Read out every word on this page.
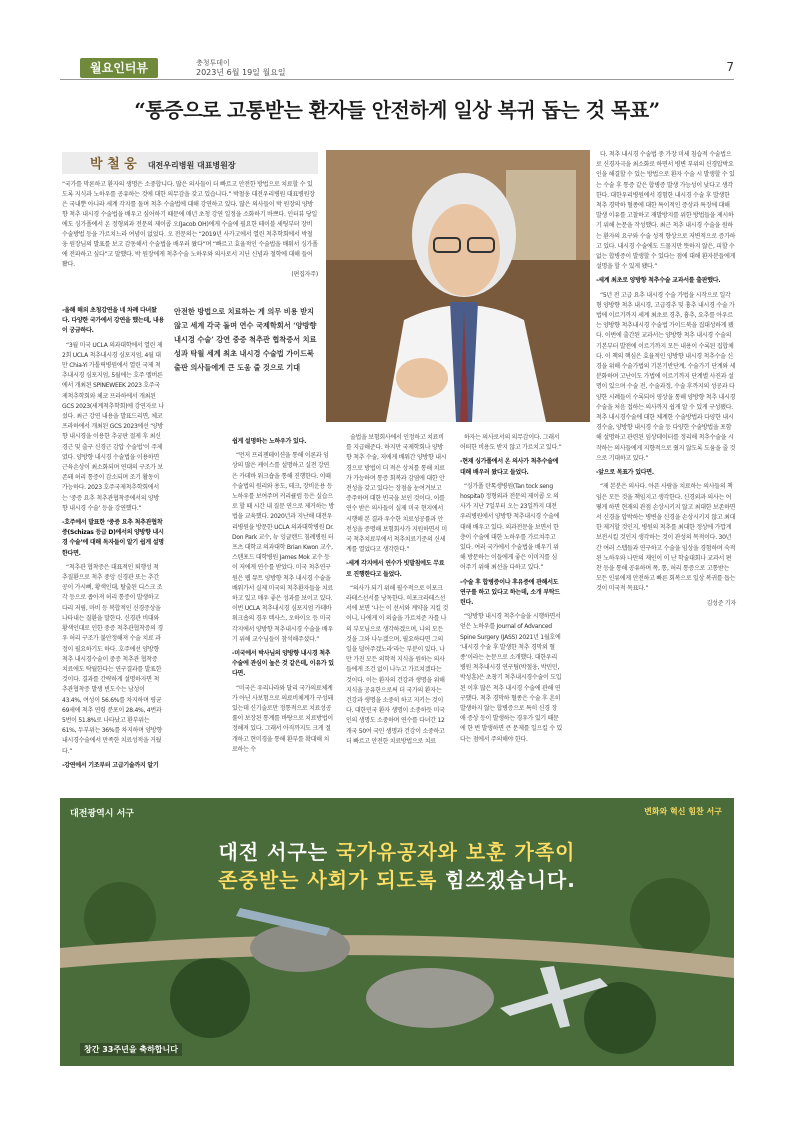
월요인터뷰	충청투데이
2023년 6월 19일 월요일	7
“통증으로 고통받는 환자들 안전하게 일상 복귀 돕는 것 목표”
박 철 웅 대전우리병원 대표병원장
“국가를 막론하고 환자의 생명은 소중합니다. 많은 의사들이 더 빠르고 안전한 방법으로 치료할 수 있도록 지식과 노하우를 공유하는 것에 대한 의무감을 갖고 있습니다.” 박철웅 대전우리병원 대표병원장은 국내뿐 아니라 세계 각지를 돌며 척추 수술법에 대해 강연하고 있다. 많은 의사들이 박 원장의 양방향 척추 내시경 수술법을 배우고 싶어하기 때문에 매년 초청 강연 일정을 소화하기 바쁘다. 인터뷰 당일에도 싱가폴에서 온 정형외과 전문의 제이콥 오(Jacob OH)에게 수술에 필요한 테이블 세팅부터 장비 수술방법 등을 가르치느라 여념이 없었다. 오 전문의는 “2019년 사카고에서 열린 척추학회에서 박철웅 원장님의 발표를 보고 감동해서 수술법을 배우러 왔다”며 “빠르고 효율적인 수술법을 배워서 싱가폴에 전파하고 싶다”고 말했다. 박 원장에게 척추수술 노하우와 의사로서 지닌 신념과 철학에 대해 들어봤다.
(편집자주)

-올해 해외 초청강연을 네 차례 다녀왔다. 다양한 국가에서 강연을 했는데, 내용이 궁금하다.

“3월 미국 UCLA 의과대학에서 열린 제2회 UCLA 척추내시경 심포지엄, 4월 대만 Chia-Yi 가톨릭병원에서 열린 국제 척추내시경 심포지엄, 5월에는 호주 멜버른에서 개최된 SPINEWEEK 2023 호주국제척추학회와 체코 프라하에서 개최된 GCS 2023(세계척추학회)에 강연자로 나섰다. 최근 강연 내용을 발표드리면, 체코 프라하에서 개최된 GCS 2023에선 ‘양방향 내시경을 이용한 추궁판 절제 후 최신경근 및 출구 신경근 감압 수술법’이 주제였다. 양방향 내시경 수술법을 이용하면 근육손상이 최소화되며 연대의 구조가 보존돼 허리 통증이 감소되며 조기 활동이 가능하다. 2023 호주국제척추학회에서는 ‘중증 요추 척추관협착증에서의 양방향 내시경 수술’ 등을 강연했다.”

-호주에서 발표한 ‘중증 요추 척추관협착증(Schizas 등급 D)에서의 양방향 내시경 수술’에 대해 독자들이 알기 쉽게 설명한다면.

“척추관 협착증은 대표적인 퇴행성 척추질환으로 척추 중앙 신경관 또는 추간공이 가시뼈, 황색인대, 탈출된 디스크 조각 등으로 좁아져 허리 통증이 발생하고 다리 저림, 마비 등 복합적인 신경증상을 나타내는 질환을 말한다. 신경관 비대와 황색인대로 인한 중증 척추관협착증의 경우 허리 구조가 불안정해져 수술 치료 과정이 필요하기도 하다. 호주에선 양방향 척추 내시경수술이 중증 척추관 협착증 치료에도 탁월한다는 연구결과를 발표한 것이다. 결과를 간략하게 설명하자면 척추관협착증 발생 빈도수는 남성이 43.4%, 여성이 56.6%를 차지하며 평균 69세에 척추 연령 분포이 28.4%, 4번과 5번이 51.8%로 나타났고 환부위는 61%, 두부위는 36%를 차지하며 양방향 내시경수술에서 만족한 치료성적을 거뒀다.”

-강연에서 기조부터 고급기술까지 알기

안전한 방법으로 치료하는 게 의무 비용 받지 않고 세계 각국 돌며 연수 국제학회서 ‘양방향 내시경 수술’ 강연 중증 척추관 협착증서 치료 성과 탁월 세계 최초 내시경 수술법 가이드북 출판 의사들에게 큰 도움 줄 것으로 기대

쉽게 설명하는 노하우가 있다.

“먼저 프리젠테이션을 통해 이론과 임상의 많은 케이스를 설명하고 실전 강연은 카데바 워크숍을 통해 진행한다. 이때 수술법의 원리와 용도, 테크, 장비운용 등 노하우를 보여주며 커리큘럼 등은 실습으로 할 때 시간 내 질문 연으로 제거하는 방법을 교육했다. 2020년과 지난해 대전우리병원을 방문한 UCLA 의과대학병원 Dr. Don Park 교수, 뉴 잉글랜드 침례병원 터프츠 대학교 의과대학 Brian Kwon 교수, 스탠포드 대학병원 James Mok 교수 등이 저에게 연수를 받았다. 미국 척추연구원은 웹 뮤트 양방향 척추 내시경 수술을 배워가서 실제 미국의 척추환자들을 치료하고 있고 매우 좋은 성과를 보이고 있다. 이번 UCLA 척추내시경 심포지엄 카데바 워크숍의 경우 텍사스, 오하이오 등 미국 각지에서 양방향 척추내시경 수술을 배우기 위해 교수님들이 참석해주셨다.”

-미국에서 박사님의 양방향 내시경 척추수술에 관심이 높은 것 같은데, 이유가 있다면.

“미국은 우리나라와 달리 국가의료체계가 아닌 사보험으로 의료비체계가 구성돼 있는데 신기술로만 정통적으로 치료성공률이 보장된 통계를 바탕으로 치료방법이 정해져 있다. 그래서 아직까지도 크게 절개하고 현미경을 통해 환부를 확대해 치료하는 수

술법을 보험회사에서 인정하고 치료비를 지급해준다. 하지만 국제학회나 양방향 척추 수술, 저에게 배워간 양방향 내시경으로 방법이 더 적은 상처를 통해 치료가 가능하며 통증 회복과 감염에 대한 안전성을 갖고 있다는 장점을 눈여겨보고 증주하며 대한 빈국을 보인 것이다. 이를 연수 받은 의사들이 실제 미국 현지에서 시행해 본 결과 우수한 치료성공률과 안전성을 증명해 보험회사가 지원하면서 미국 척추치료부에서 척추치료기준의 신세계를 열었다고 생각한다.”

-세계 각지에서 연수가 빗발침에도 무료로 진행한다고 들었다.

“의사가 되기 위해 필수적으로 이포크라테스선서를 낭독한다. 히포크라테스선서에 보면 ‘나는 이 선서와 계약을 지킬 것이니, 나에게 이 의술을 가르쳐준 자를 나의 부모님으로 생각하겠으며, 나의 모든 것을 그와 나누겠으며, 필요하다면 그의 일을 덜어주겠노라’라는 부분이 있다. 나만 가진 모든 의학적 지식을 원하는 의사들에게 조건 없이 나누고 가르치겠다는 것이다. 이는 환자의 건강과 생명을 위해 지식을 공유한으로써 더 국가의 환자는 건강과 생명을 소중히 하고 지키는 것이다. 대한민국 환자 생명이 소중하듯 미국인의 생명도 소중하며 연수를 다녀간 12개국 50여 국민 생명과 건강이 소중하고 더 빠르고 안전한 치료방법으로 치료

하자는 의사로서의 의무감이다. 그래서 어떠한 비용도 받지 않고 가르치고 있다.”

-현재 싱가폴에서 온 의사가 척추수술에 대해 배우러 왔다고 들었다.

“싱가폴 탄톡셍병원(Tan tock seng hospital) 정형외과 전문의 제이콥 오 의사가 지난 7일부터 오는 23일까지 대전우리병원에서 양방향 척추내시경 수술에 대해 배우고 있다. 의과전문을 보면서 한층이 수술에 대한 노하우를 가르쳐주고 있다. 여러 국가에서 수술법을 배우기 위해 방문하는 이들에게 좋은 이미지를 심어주기 위해 최선을 다하고 있다.”

-수술 후 합병증이나 후유증에 관해서도 연구를 하고 있다고 하는데, 소개 부탁드린다.

“양방향 내시경 척추수술을 시행하면서 얻은 노하우를 Journal of Advanced Spine Surgery (JASS) 2021년 1월호에 ‘내시경 수술 후 발생한 척추 경막외 혈종’이라는 논문으로 소개했다. 대한우리병원 척추내시경 연구팀(박철웅, 박민민, 박성훈)은 초창기 척추내시경수술이 도입된 이후 많은 척추 내시경 수술에 관해 연구했다. 척추 경막하 혈종은 수술 후 흔히 발생하지 않는 합병증으로 특히 신경 장애 증상 등이 발생하는 경우가 있기 때문에 한 번 발생하면 큰 문제를 일으킬 수 있다는 점에서 주의해야 한다.

다. 척추 내시경 수술법 중 가장 미세 침습적 수술법으로 신경자극을 최소화로 하면서 병변 부위의 신경압박요인을 해결할 수 있는 방법으로 환자 수술 시 발생할 수 있는 수술 후 통증 같은 합병증 발생 가능성이 낮다고 생각한다. 대한우리병원에서 경험한 내시경 수술 후 발생한 척추 경막하 혈종에 대한 특이적인 증상과 특징에 대해 발생 이유를 고찰하고 재발방지를 위한 방법들을 제시하기 위해 논문을 작성했다. 최근 척추 내시경 수술을 원하는 환자의 요구와 수술 성적 향상으로 저변적으로 증가하고 있다. 내시경 수술에도 드물지만 뜻하지 않은, 피할 수 없는 합병증이 발생할 수 있다는 점에 대해 환자분들에게 설명을 할 수 있게 됐다.”

-세계 최초로 양방향 척추수술 교과서를 출판했다.

“5년 전 고급 요추 내시경 수술 가법을 시작으로 일각형 양방향 척추 내시경, 고급경추 및 흉추 내시경 수술 가법에 이르기까지 세계 최초로 경추, 흉추, 요추를 아우르는 양방향 척추내시경 수술법 가이드북을 집대성하게 됐다. 이번에 출간된 교과서는 양방향 척추 내시경 수술의 기본부터 발전에 이르기까지 모든 내용이 수록된 집합체다. 이 책의 핵심은 효율적인 양방향 내시경 척추수술 신경을 위해 수술가법의 기본기반단계, 수술가기 단계와 세분화하며 고난이도 가법에 이르기까지 단계별 사진과 설명이 있으며 수술 전, 수술과정, 수술 후까지의 성공과 다양한 시례들이 수록되어 영상을 통해 양방향 척추 내시경 수술을 처음 접하는 의사까지 쉽게 알 수 있게 구성됐다. 척추 내시경수술에 대한 체계한 수술방법과 다양한 내시경수술, 양방향 내시경 수술 등 다양한 수술방법을 포함해 설명하고 관련된 임상데이터를 정리해 척추수술을 시작하는 의사들에게 지향적으로 줬지 않도록 도움을 줄 것으로 기대하고 있다.”

-앞으로 목표가 있다면.

“제 본분은 의사다. 아픈 사람을 치료하는 의사들의 책임은 모든 것을 책임지고 생각한다. 신경외과 의사는 어떻게 하면 현재의 관점 손상시키지 않고 최대한 보존하면서 신경을 압박하는 병변을 신경을 손상시키지 않고 최대한 제거할 것인지, 병원의 척추를 최대한 정상에 가깝게 보전시킬 것인지 생각하는 것이 관성의 목적이다. 30년간 여러 스텝들과 연구하고 수술을 임상을 경험하며 숙적된 노하우와 나만의 재인이 이 난 학술대회나 교과서 편찬 등을 통해 공유하며 폭, 통, 허리 통증으로 고통받는 모든 인류에게 안전하고 빠른 회복으로 일상 복귀를 돕는 것이 미국적 목표다.”

김성준 기자
대전광역시 서구	변화와 혁신 힘찬 서구
대전 서구는 국가유공자와 보훈 가족이
존중받는 사회가 되도록 힘쓰겠습니다.
창간 33주년을 축하합니다
